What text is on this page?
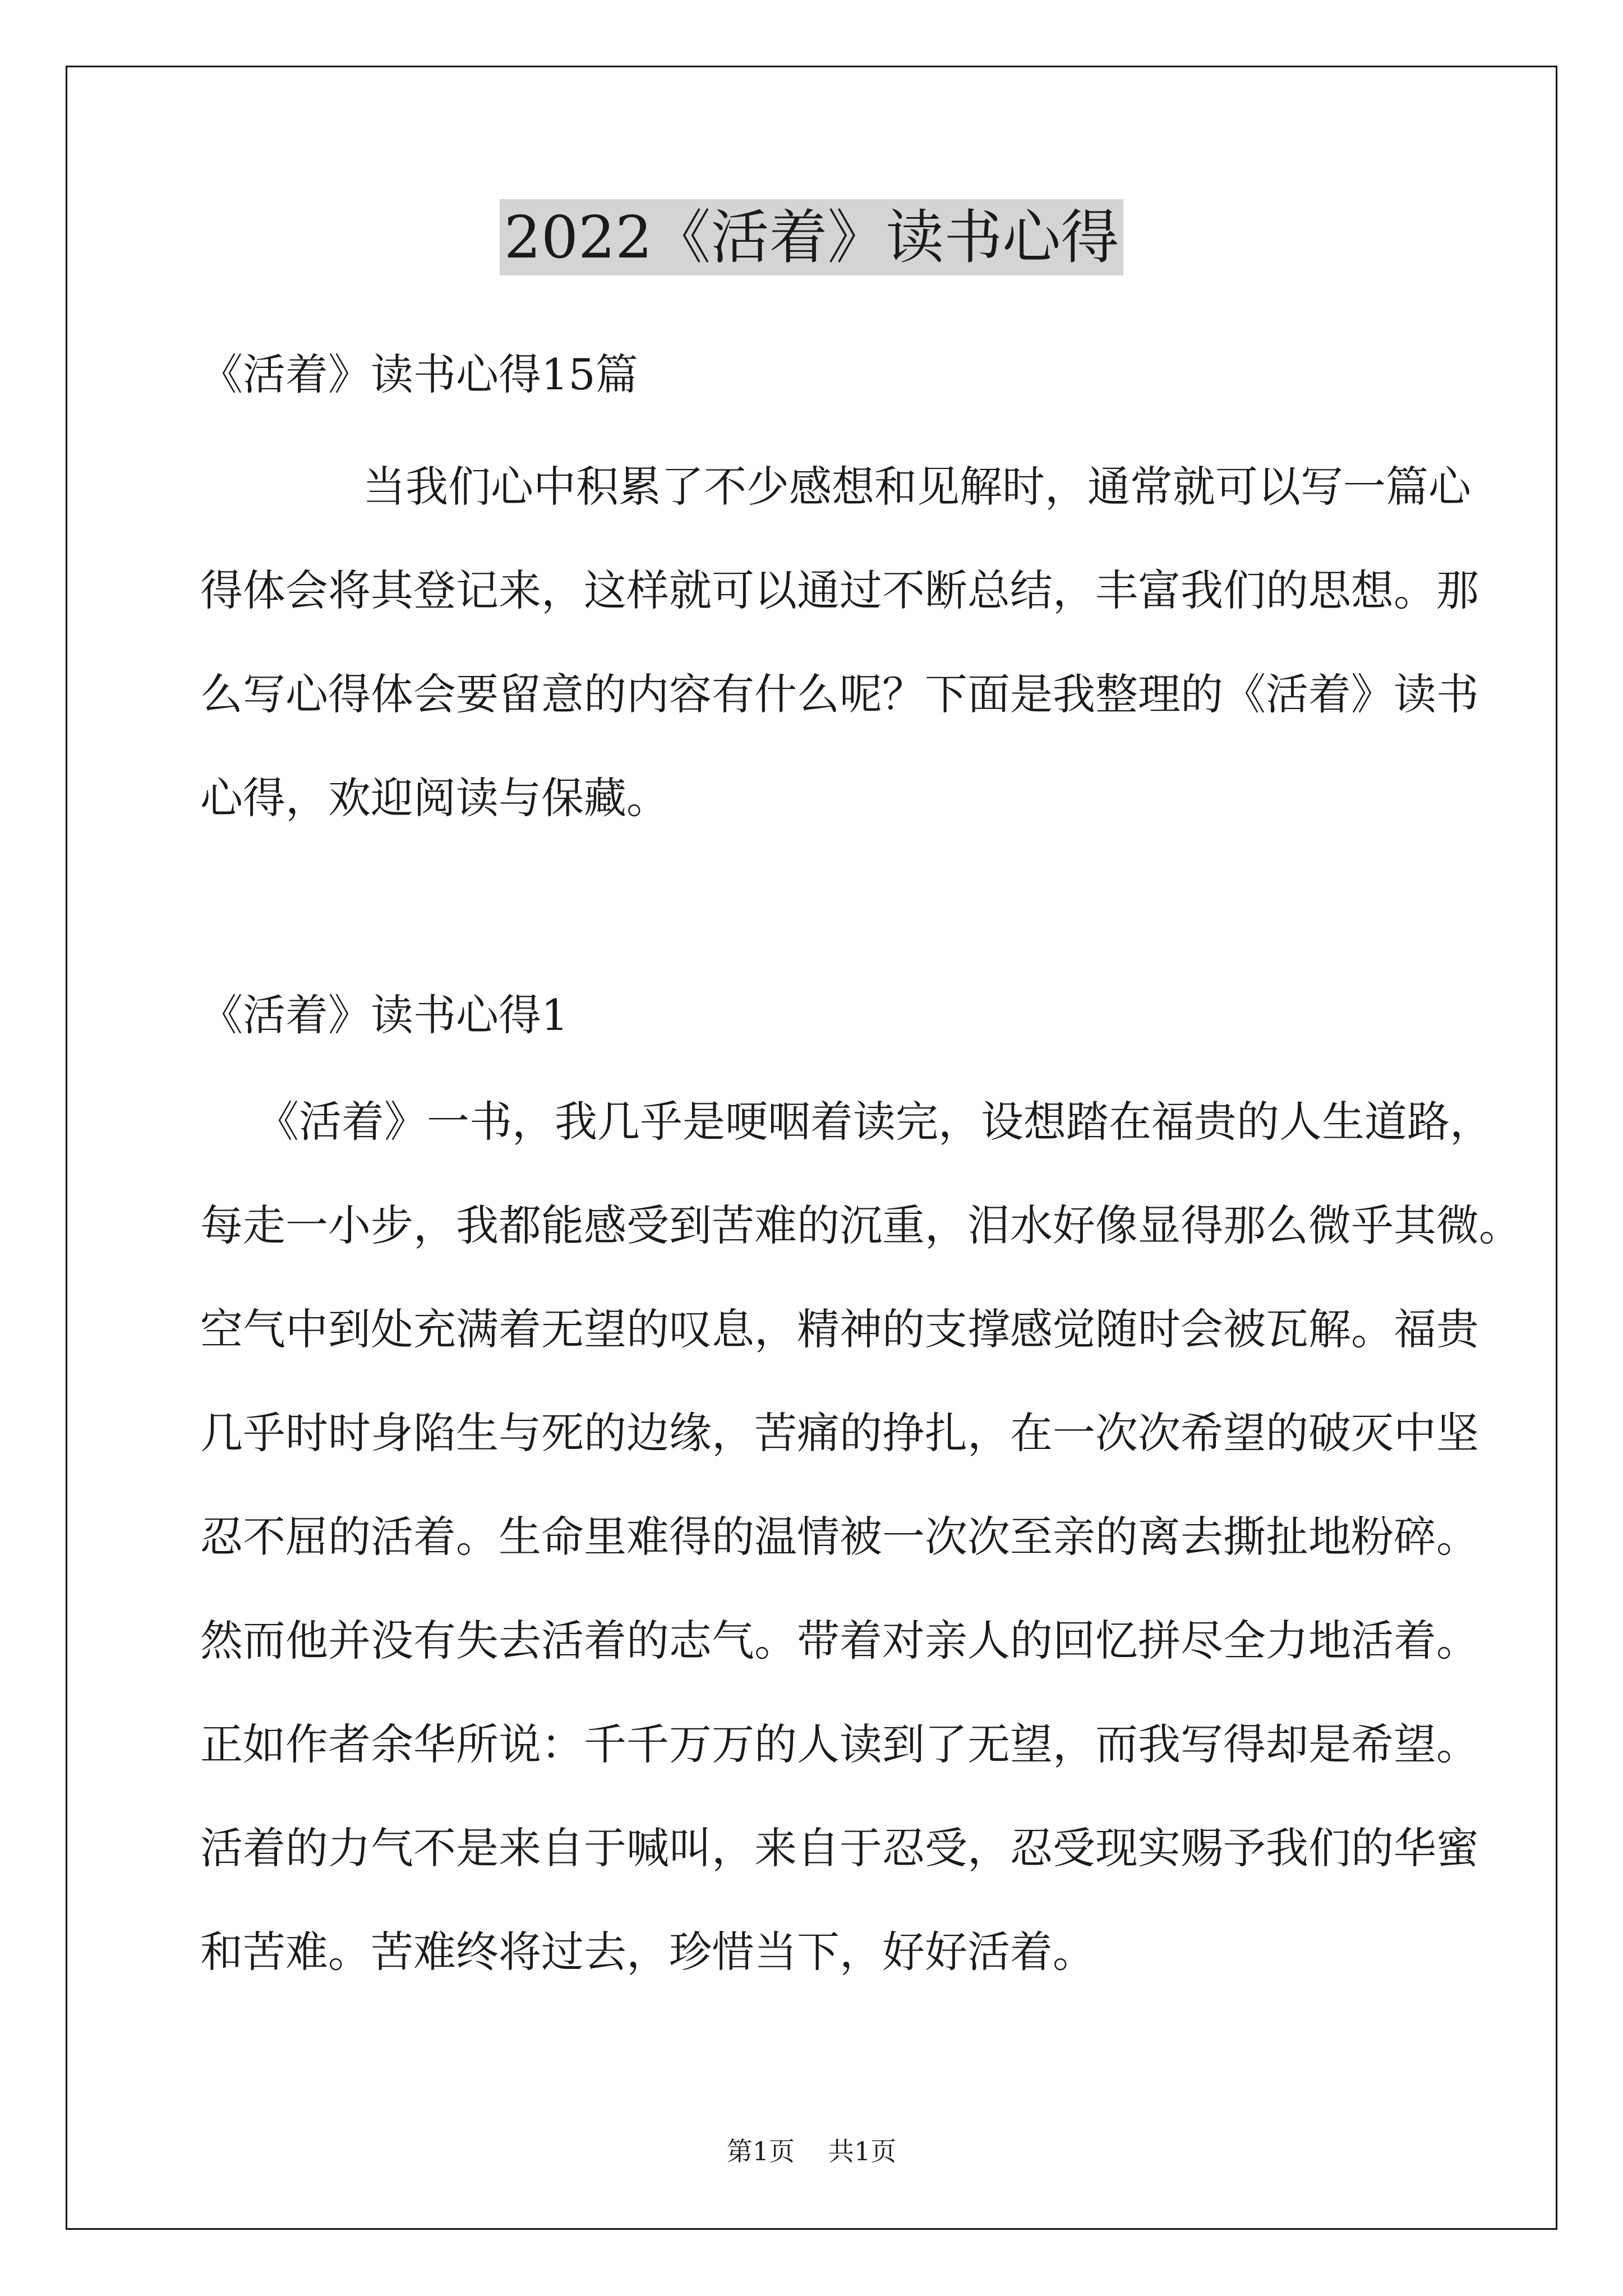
2022《活着》读书心得
《活着》读书心得15篇
当我们心中积累了不少感想和见解时，通常就可以写一篇心
得体会将其登记来，这样就可以通过不断总结，丰富我们的思想。那
么写心得体会要留意的内容有什么呢？下面是我整理的《活着》读书
心得，欢迎阅读与保藏。
《活着》读书心得1
《活着》一书，我几乎是哽咽着读完，设想踏在福贵的人生道路，
每走一小步，我都能感受到苦难的沉重，泪水好像显得那么微乎其微。
空气中到处充满着无望的叹息，精神的支撑感觉随时会被瓦解。福贵
几乎时时身陷生与死的边缘，苦痛的挣扎，在一次次希望的破灭中坚
忍不屈的活着。生命里难得的温情被一次次至亲的离去撕扯地粉碎。
然而他并没有失去活着的志气。带着对亲人的回忆拼尽全力地活着。
正如作者余华所说：千千万万的人读到了无望，而我写得却是希望。
活着的力气不是来自于喊叫，来自于忍受，忍受现实赐予我们的华蜜
和苦难。苦难终将过去，珍惜当下，好好活着。
第1页 共1页
